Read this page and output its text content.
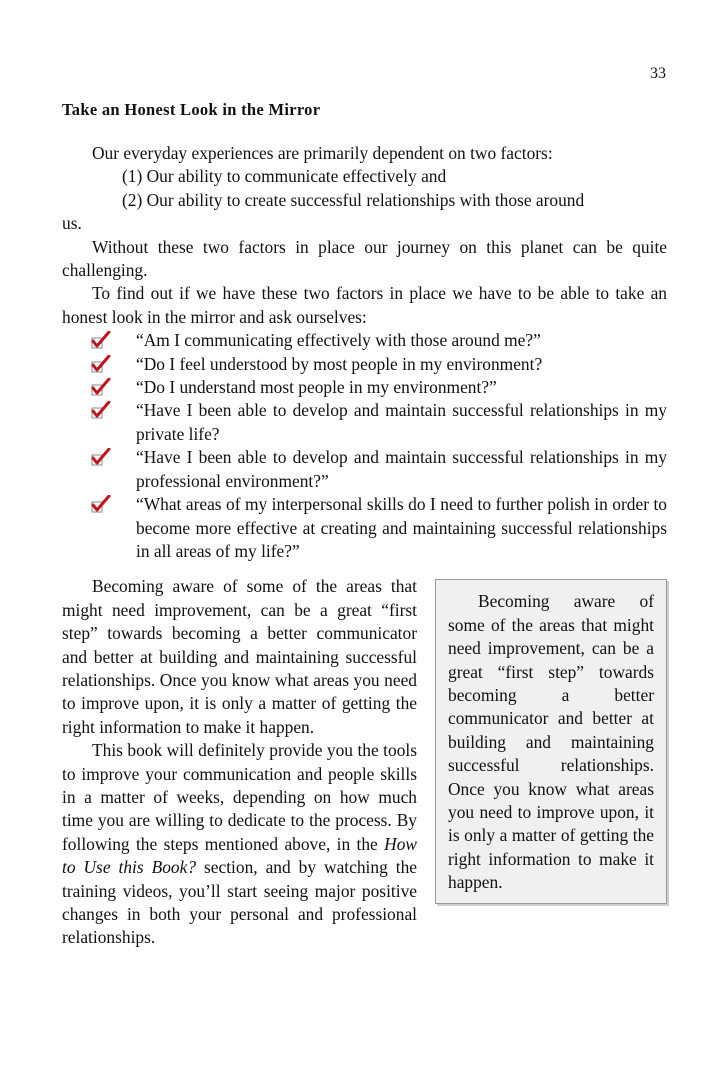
33
Take an Honest Look in the Mirror

Our everyday experiences are primarily dependent on two factors:

(1) Our ability to communicate effectively and

(2) Our ability to create successful relationships with those around

us.

Without these two factors in place our journey on this planet can be quite challenging.

To find out if we have these two factors in place we have to be able to take an honest look in the mirror and ask ourselves:

“Am I communicating effectively with those around me?”
“Do I feel understood by most people in my environment?
“Do I understand most people in my environment?”
“Have I been able to develop and maintain successful relationships in my private life?
“Have I been able to develop and maintain successful relationships in my professional environment?”
“What areas of my interpersonal skills do I need to further polish in order to become more effective at creating and maintaining successful relationships in all areas of my life?”
Becoming aware of some of the areas that might need improvement, can be a great “first step” towards becoming a better communicator and better at building and maintaining successful relationships. Once you know what areas you need to improve upon, it is only a matter of getting the right information to make it happen.

Becoming aware of some of the areas that might need improvement, can be a great “first step” towards becoming a better communicator and better at building and maintaining successful relationships. Once you know what areas you need to improve upon, it is only a matter of getting the right information to make it happen.

This book will definitely provide you the tools to improve your communication and people skills in a matter of weeks, depending on how much time you are willing to dedicate to the process. By following the steps mentioned above, in the How to Use this Book? section, and by watching the training videos, you’ll start seeing major positive changes in both your personal and professional relationships.
